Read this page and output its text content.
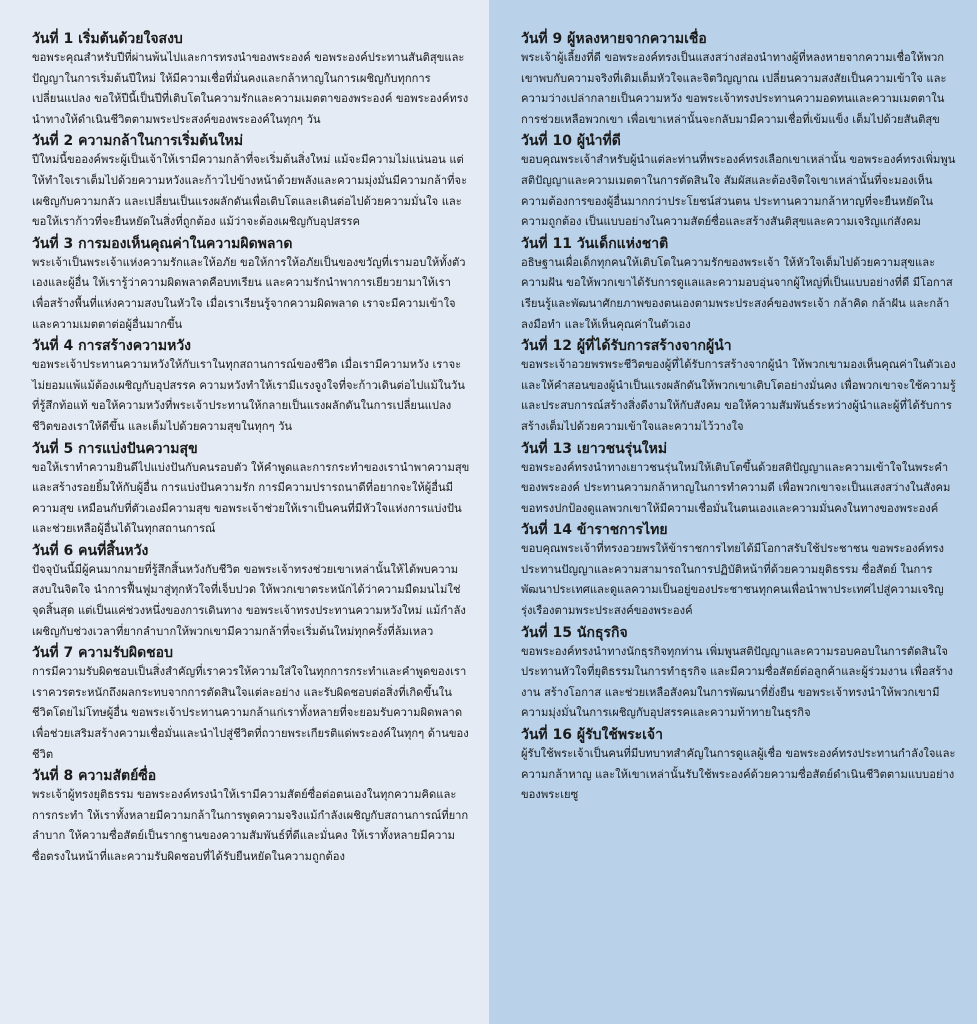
วันที่ 1 เริ่มต้นด้วยใจสงบ

ขอพระคุณสำหรับปีที่ผ่านพ้นไปและการทรงนำของพระองค์ ขอพระองค์ประทานสันติสุขและปัญญาในการเริ่มต้นปีใหม่ ให้มีความเชื่อที่มั่นคงและกล้าหาญในการเผชิญกับทุกการเปลี่ยนแปลง ขอให้ปีนี้เป็นปีที่เติบโตในความรักและความเมตตาของพระองค์ ขอพระองค์ทรงนำทางให้ดำเนินชีวิตตามพระประสงค์ของพระองค์ในทุกๆ วัน

วันที่ 2 ความกล้าในการเริ่มต้นใหม่

ปีใหม่นี้ขอองค์พระผู้เป็นเจ้าให้เรามีความกล้าที่จะเริ่มต้นสิ่งใหม่ แม้จะมีความไม่แน่นอน แต่ให้ทำใจเราเต็มไปด้วยความหวังและก้าวไปข้างหน้าด้วยพลังและความมุ่งมั่นมีความกล้าที่จะเผชิญกับความกลัว และเปลี่ยนเป็นแรงผลักดันเพื่อเติบโตและเดินต่อไปด้วยความมั่นใจ และขอให้เราก้าวที่จะยืนหยัดในสิ่งที่ถูกต้อง แม้ว่าจะต้องเผชิญกับอุปสรรค

วันที่ 3 การมองเห็นคุณค่าในความผิดพลาด

พระเจ้าเป็นพระเจ้าแห่งความรักและให้อภัย ขอให้การให้อภัยเป็นของขวัญที่เรามอบให้ทั้งตัวเองและผู้อื่น ให้เรารู้ว่าความผิดพลาดคือบทเรียน และความรักนำพาการเยียวยามาให้เรา เพื่อสร้างพื้นที่แห่งความสงบในหัวใจ เมื่อเราเรียนรู้จากความผิดพลาด เราจะมีความเข้าใจและความเมตตาต่อผู้อื่นมากขึ้น

วันที่ 4 การสร้างความหวัง

ขอพระเจ้าประทานความหวังให้กับเราในทุกสถานการณ์ของชีวิต เมื่อเรามีความหวัง เราจะไม่ยอมแพ้แม้ต้องเผชิญกับอุปสรรค ความหวังทำให้เรามีแรงจูงใจที่จะก้าวเดินต่อไปแม้ในวันที่รู้สึกท้อแท้ ขอให้ความหวังที่พระเจ้าประทานให้กลายเป็นแรงผลักดันในการเปลี่ยนแปลงชีวิตของเราให้ดีขึ้น และเต็มไปด้วยความสุขในทุกๆ วัน

วันที่ 5 การแบ่งปันความสุข

ขอให้เราทำความยินดีไปแบ่งปันกับคนรอบตัว ให้คำพูดและการกระทำของเรานำพาความสุขและสร้างรอยยิ้มให้กับผู้อื่น การแบ่งปันความรัก การมีความปรารถนาดีที่อยากจะให้ผู้อื่นมีความสุข เหมือนกับที่ตัวเองมีความสุข ขอพระเจ้าช่วยให้เราเป็นคนที่มีหัวใจแห่งการแบ่งปันและช่วยเหลือผู้อื่นได้ในทุกสถานการณ์

วันที่ 6 คนที่สิ้นหวัง

ปัจจุบันนี้มีผู้คนมากมายที่รู้สึกสิ้นหวังกับชีวิต ขอพระเจ้าทรงช่วยเขาเหล่านั้นให้ได้พบความสงบในจิตใจ นำการฟื้นฟูมาสู่ทุกหัวใจที่เจ็บปวด ให้พวกเขาตระหนักได้ว่าความมืดมนไม่ใช่จุดสิ้นสุด แต่เป็นแค่ช่วงหนึ่งของการเดินทาง ขอพระเจ้าทรงประทานความหวังใหม่ แม้กำลังเผชิญกับช่วงเวลาที่ยากลำบากให้พวกเขามีความกล้าที่จะเริ่มต้นใหม่ทุกครั้งที่ล้มเหลว

วันที่ 7 ความรับผิดชอบ

การมีความรับผิดชอบเป็นสิ่งสำคัญที่เราควรให้ความใส่ใจในทุกการกระทำและคำพูดของเรา เราควรตระหนักถึงผลกระทบจากการตัดสินใจแต่ละอย่าง และรับผิดชอบต่อสิ่งที่เกิดขึ้นในชีวิตโดยไม่โทษผู้อื่น ขอพระเจ้าประทานความกล้าแก่เราทั้งหลายที่จะยอมรับความผิดพลาด เพื่อช่วยเสริมสร้างความเชื่อมั่นและนำไปสู่ชีวิตที่ถวายพระเกียรติแด่พระองค์ในทุกๆ ด้านของชีวิต

วันที่ 8 ความสัตย์ซื่อ

พระเจ้าผู้ทรงยุติธรรม ขอพระองค์ทรงนำให้เรามีความสัตย์ซื่อต่อตนเองในทุกความคิดและการกระทำ ให้เราทั้งหลายมีความกล้าในการพูดความจริงแม้กำลังเผชิญกับสถานการณ์ที่ยากลำบาก ให้ความซื่อสัตย์เป็นรากฐานของความสัมพันธ์ที่ดีและมั่นคง ให้เราทั้งหลายมีความซื่อตรงในหน้าที่และความรับผิดชอบที่ได้รับยืนหยัดในความถูกต้อง

วันที่ 9 ผู้หลงหายจากความเชื่อ

พระเจ้าผู้เลี้ยงที่ดี ขอพระองค์ทรงเป็นแสงสว่างส่องนำทางผู้ที่หลงหายจากความเชื่อให้พวกเขาพบกับความจริงที่เติมเต็มหัวใจและจิตวิญญาณ เปลี่ยนความสงสัยเป็นความเข้าใจ และความว่างเปล่ากลายเป็นความหวัง ขอพระเจ้าทรงประทานความอดทนและความเมตตาในการช่วยเหลือพวกเขา เพื่อเขาเหล่านั้นจะกลับมามีความเชื่อที่เข้มแข็ง เต็มไปด้วยสันติสุข

วันที่ 10 ผู้นำที่ดี

ขอบคุณพระเจ้าสำหรับผู้นำแต่ละท่านที่พระองค์ทรงเลือกเขาเหล่านั้น ขอพระองค์ทรงเพิ่มพูนสติปัญญาและความเมตตาในการตัดสินใจ สัมผัสและต้องจิตใจเขาเหล่านั้นที่จะมองเห็นความต้องการของผู้อื่นมากกว่าประโยชน์ส่วนตน ประทานความกล้าหาญที่จะยืนหยัดในความถูกต้อง เป็นแบบอย่างในความสัตย์ซื่อและสร้างสันติสุขและความเจริญแก่สังคม

วันที่ 11 วันเด็กแห่งชาติ

อธิษฐานเผื่อเด็กทุกคนให้เติบโตในความรักของพระเจ้า ให้หัวใจเต็มไปด้วยความสุขและความฝัน ขอให้พวกเขาได้รับการดูแลและความอบอุ่นจากผู้ใหญ่ที่เป็นแบบอย่างที่ดี มีโอกาสเรียนรู้และพัฒนาศักยภาพของตนเองตามพระประสงค์ของพระเจ้า กล้าคิด กล้าฝัน และกล้าลงมือทำ และให้เห็นคุณค่าในตัวเอง

วันที่ 12 ผู้ที่ได้รับการสร้างจากผู้นำ

ขอพระเจ้าอวยพรพระชีวิตของผู้ที่ได้รับการสร้างจากผู้นำ ให้พวกเขามองเห็นคุณค่าในตัวเองและให้คำสอนของผู้นำเป็นแรงผลักดันให้พวกเขาเติบโตอย่างมั่นคง เพื่อพวกเขาจะใช้ความรู้และประสบการณ์สร้างสิ่งดีงามให้กับสังคม ขอให้ความสัมพันธ์ระหว่างผู้นำและผู้ที่ได้รับการสร้างเต็มไปด้วยความเข้าใจและความไว้วางใจ

วันที่ 13 เยาวชนรุ่นใหม่

ขอพระองค์ทรงนำทางเยาวชนรุ่นใหม่ให้เติบโตขึ้นด้วยสติปัญญาและความเข้าใจในพระคำของพระองค์ ประทานความกล้าหาญในการทำความดี เพื่อพวกเขาจะเป็นแสงสว่างในสังคม ขอทรงปกป้องดูแลพวกเขาให้มีความเชื่อมั่นในตนเองและความมั่นคงในทางของพระองค์

วันที่ 14 ข้าราชการไทย

ขอบคุณพระเจ้าที่ทรงอวยพรให้ข้าราชการไทยได้มีโอกาสรับใช้ประชาชน ขอพระองค์ทรงประทานปัญญาและความสามารถในการปฏิบัติหน้าที่ด้วยความยุติธรรม ซื่อสัตย์ ในการพัฒนาประเทศและดูแลความเป็นอยู่ของประชาชนทุกคนเพื่อนำพาประเทศไปสู่ความเจริญรุ่งเรืองตามพระประสงค์ของพระองค์

วันที่ 15 นักธุรกิจ

ขอพระองค์ทรงนำทางนักธุรกิจทุกท่าน เพิ่มพูนสติปัญญาและความรอบคอบในการตัดสินใจ ประทานหัวใจที่ยุติธรรมในการทำธุรกิจ และมีความซื่อสัตย์ต่อลูกค้าและผู้ร่วมงาน เพื่อสร้างงาน สร้างโอกาส และช่วยเหลือสังคมในการพัฒนาที่ยั่งยืน ขอพระเจ้าทรงนำให้พวกเขามีความมุ่งมั่นในการเผชิญกับอุปสรรคและความท้าทายในธุรกิจ

วันที่ 16 ผู้รับใช้พระเจ้า

ผู้รับใช้พระเจ้าเป็นคนที่มีบทบาทสำคัญในการดูแลผู้เชื่อ ขอพระองค์ทรงประทานกำลังใจและความกล้าหาญ และให้เขาเหล่านั้นรับใช้พระองค์ด้วยความซื่อสัตย์ดำเนินชีวิตตามแบบอย่างของพระเยซู
